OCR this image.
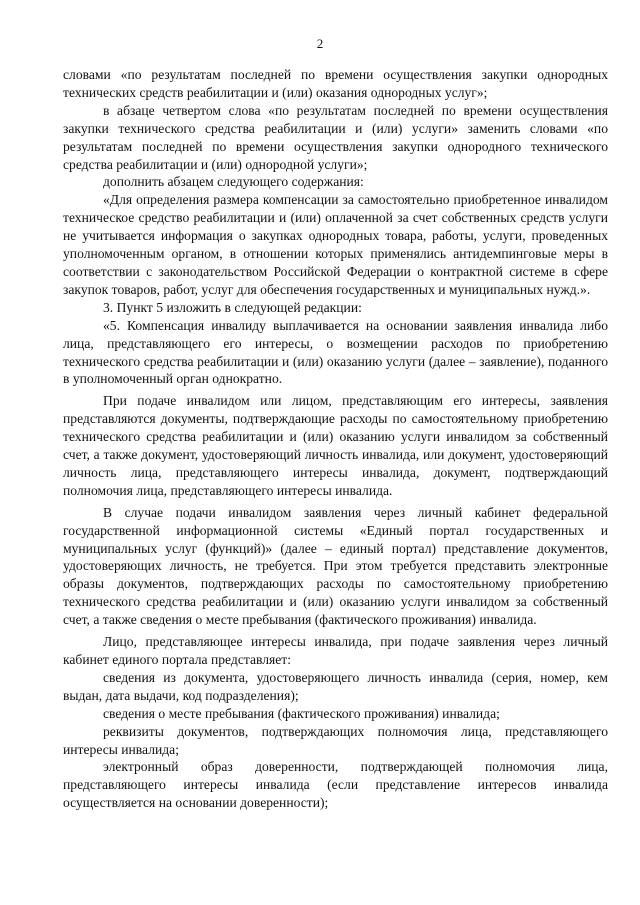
2

словами «по результатам последней по времени осуществления закупки однородных технических средств реабилитации и (или) оказания однородных услуг»;

в абзаце четвертом слова «по результатам последней по времени осуществления закупки технического средства реабилитации и (или) услуги» заменить словами «по результатам последней по времени осуществления закупки однородного технического средства реабилитации и (или) однородной услуги»;

дополнить абзацем следующего содержания:

«Для определения размера компенсации за самостоятельно приобретенное инвалидом техническое средство реабилитации и (или) оплаченной за счет собственных средств услуги не учитывается информация о закупках однородных товара, работы, услуги, проведенных уполномоченным органом, в отношении которых применялись антидемпинговые меры в соответствии с законодательством Российской Федерации о контрактной системе в сфере закупок товаров, работ, услуг для обеспечения государственных и муниципальных нужд.».

3. Пункт 5 изложить в следующей редакции:

«5. Компенсация инвалиду выплачивается на основании заявления инвалида либо лица, представляющего его интересы, о возмещении расходов по приобретению технического средства реабилитации и (или) оказанию услуги (далее – заявление), поданного в уполномоченный орган однократно.

При подаче инвалидом или лицом, представляющим его интересы, заявления представляются документы, подтверждающие расходы по самостоятельному приобретению технического средства реабилитации и (или) оказанию услуги инвалидом за собственный счет, а также документ, удостоверяющий личность инвалида, или документ, удостоверяющий личность лица, представляющего интересы инвалида, документ, подтверждающий полномочия лица, представляющего интересы инвалида.

В случае подачи инвалидом заявления через личный кабинет федеральной государственной информационной системы «Единый портал государственных и муниципальных услуг (функций)» (далее – единый портал) представление документов, удостоверяющих личность, не требуется. При этом требуется представить электронные образы документов, подтверждающих расходы по самостоятельному приобретению технического средства реабилитации и (или) оказанию услуги инвалидом за собственный счет, а также сведения о месте пребывания (фактического проживания) инвалида.

Лицо, представляющее интересы инвалида, при подаче заявления через личный кабинет единого портала представляет:

сведения из документа, удостоверяющего личность инвалида (серия, номер, кем выдан, дата выдачи, код подразделения);

сведения о месте пребывания (фактического проживания) инвалида;

реквизиты документов, подтверждающих полномочия лица, представляющего интересы инвалида;

электронный образ доверенности, подтверждающей полномочия лица, представляющего интересы инвалида (если представление интересов инвалида осуществляется на основании доверенности);
